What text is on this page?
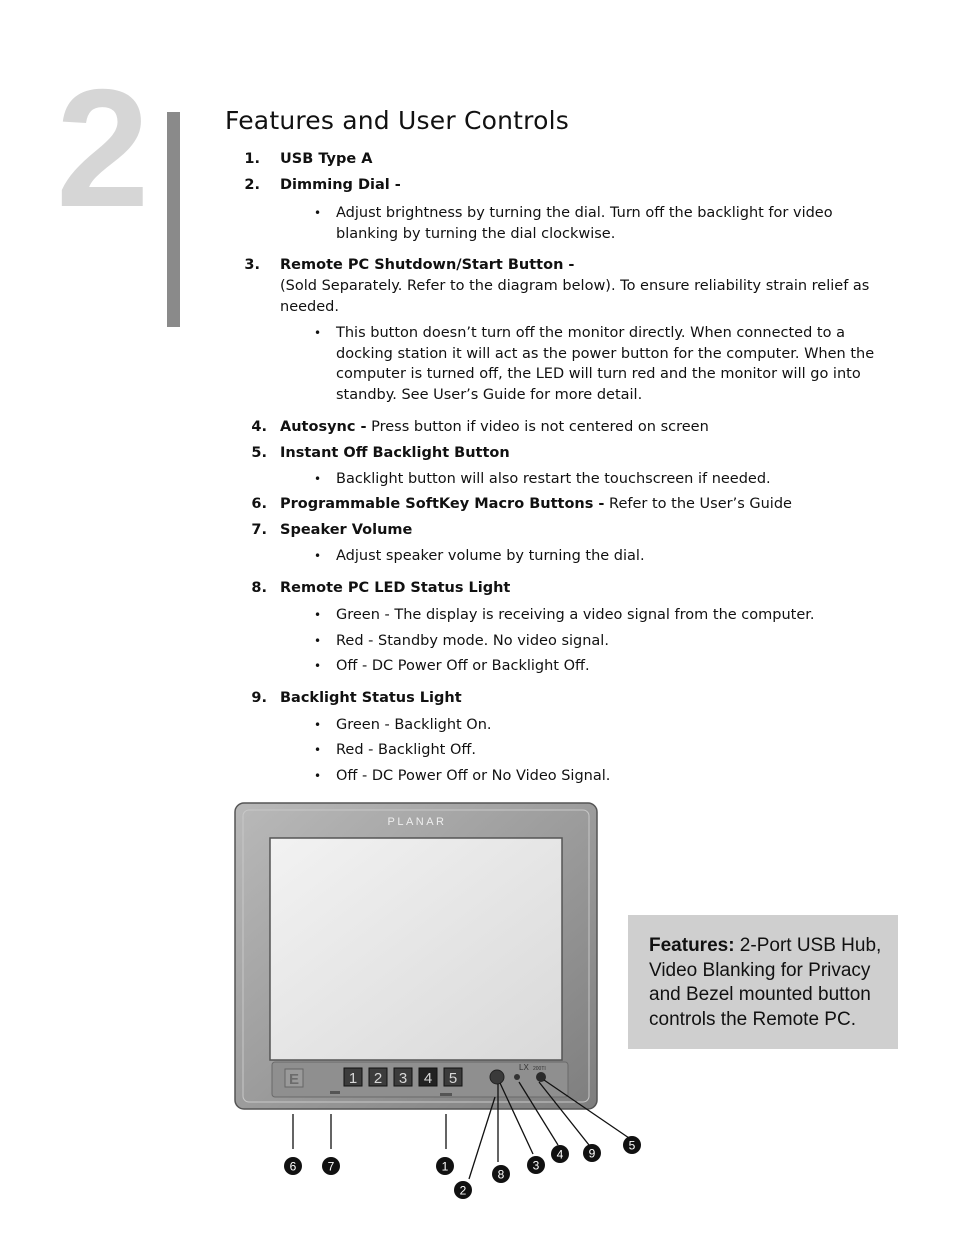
2	Features and User Controls
1. USB Type A
2. Dimming Dial -
• Adjust brightness by turning the dial. Turn off the backlight for video blanking by turning the dial clockwise.
3. Remote PC Shutdown/Start Button -
(Sold Separately. Refer to the diagram below). To ensure reliability strain relief as needed.
• This button doesn’t turn off the monitor directly. When connected to a docking station it will act as the power button for the computer. When the computer is turned off, the LED will turn red and the monitor will go into standby. See User’s Guide for more detail.
4. Autosync - Press button if video is not centered on screen
5. Instant Off Backlight Button
• Backlight button will also restart the touchscreen if needed.
6. Programmable SoftKey Macro Buttons - Refer to the User’s Guide
7. Speaker Volume
• Adjust speaker volume by turning the dial.
8. Remote PC LED Status Light
• Green - The display is receiving a video signal from the computer.
• Red - Standby mode. No video signal.
• Off - DC Power Off or Backlight Off.
9. Backlight Status Light
• Green - Backlight On.
• Red - Backlight Off.
• Off - DC Power Off or No Video Signal.
PLANAR
LX 200TI
E	1 2 3 4 5
6	7	1
2
8
3
4 9
5
Features: 2-Port USB Hub, Video Blanking for Privacy and Bezel mounted button controls the Remote PC.
